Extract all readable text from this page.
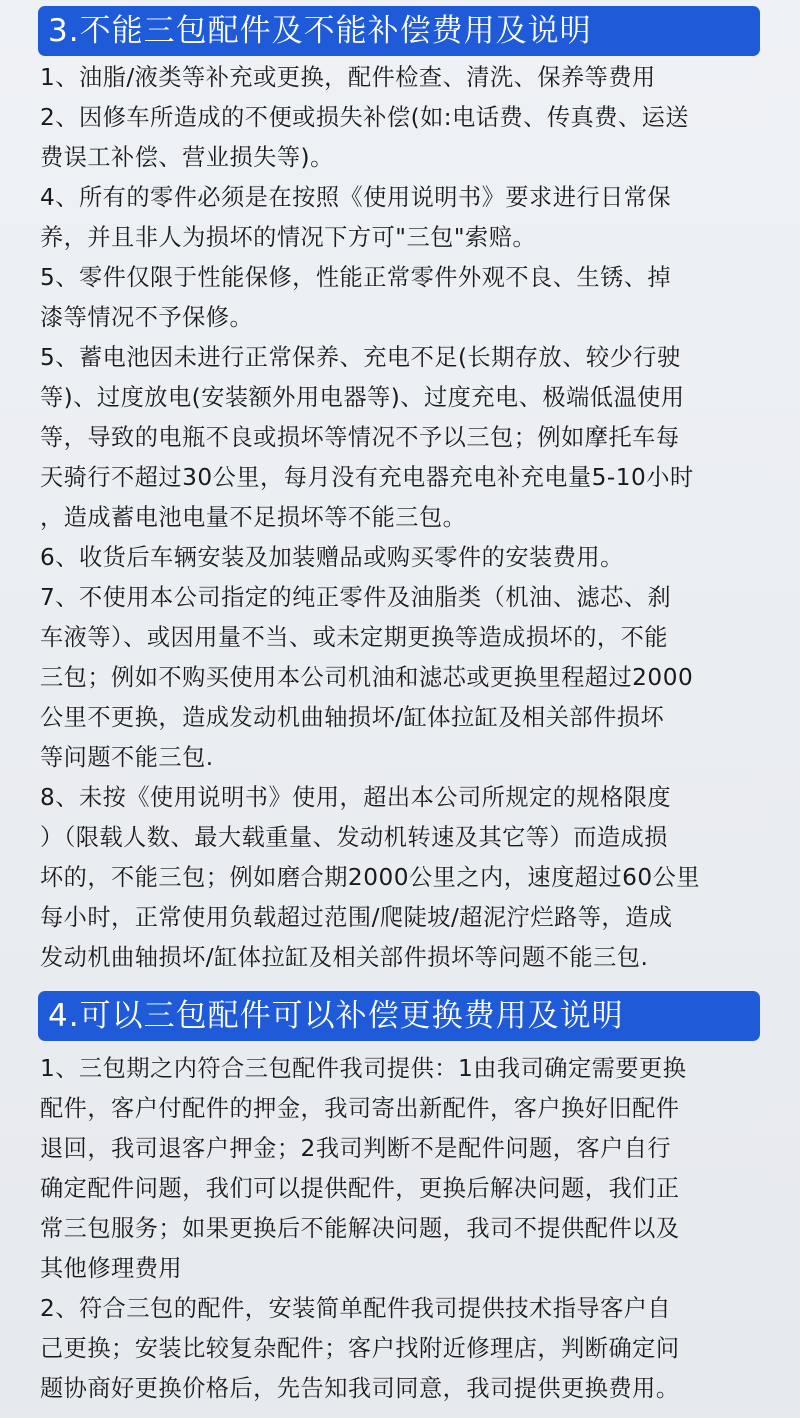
3.不能三包配件及不能补偿费用及说明
1、油脂/液类等补充或更换，配件检查、清洗、保养等费用
2、因修车所造成的不便或损失补偿(如:电话费、传真费、运送
费误工补偿、营业损失等)。
4、所有的零件必须是在按照《使用说明书》要求进行日常保
养，并且非人为损坏的情况下方可"三包"索赔。
5、零件仅限于性能保修，性能正常零件外观不良、生锈、掉
漆等情况不予保修。
5、蓄电池因未进行正常保养、充电不足(长期存放、较少行驶
等)、过度放电(安装额外用电器等)、过度充电、极端低温使用
等，导致的电瓶不良或损坏等情况不予以三包；例如摩托车每
天骑行不超过30公里，每月没有充电器充电补充电量5-10小时
，造成蓄电池电量不足损坏等不能三包。
6、收货后车辆安装及加装赠品或购买零件的安装费用。
7、不使用本公司指定的纯正零件及油脂类（机油、滤芯、刹
车液等）、或因用量不当、或未定期更换等造成损坏的，不能
三包；例如不购买使用本公司机油和滤芯或更换里程超过2000
公里不更换，造成发动机曲轴损坏/缸体拉缸及相关部件损坏
等问题不能三包.
8、未按《使用说明书》使用，超出本公司所规定的规格限度
）（限载人数、最大载重量、发动机转速及其它等）而造成损
坏的，不能三包；例如磨合期2000公里之内，速度超过60公里
每小时，正常使用负载超过范围/爬陡坡/超泥泞烂路等，造成
发动机曲轴损坏/缸体拉缸及相关部件损坏等问题不能三包.
4.可以三包配件可以补偿更换费用及说明
1、三包期之内符合三包配件我司提供：1由我司确定需要更换
配件，客户付配件的押金，我司寄出新配件，客户换好旧配件
退回，我司退客户押金；2我司判断不是配件问题，客户自行
确定配件问题，我们可以提供配件，更换后解决问题，我们正
常三包服务；如果更换后不能解决问题，我司不提供配件以及
其他修理费用
2、符合三包的配件，安装简单配件我司提供技术指导客户自
己更换；安装比较复杂配件；客户找附近修理店，判断确定问
题协商好更换价格后，先告知我司同意，我司提供更换费用。
